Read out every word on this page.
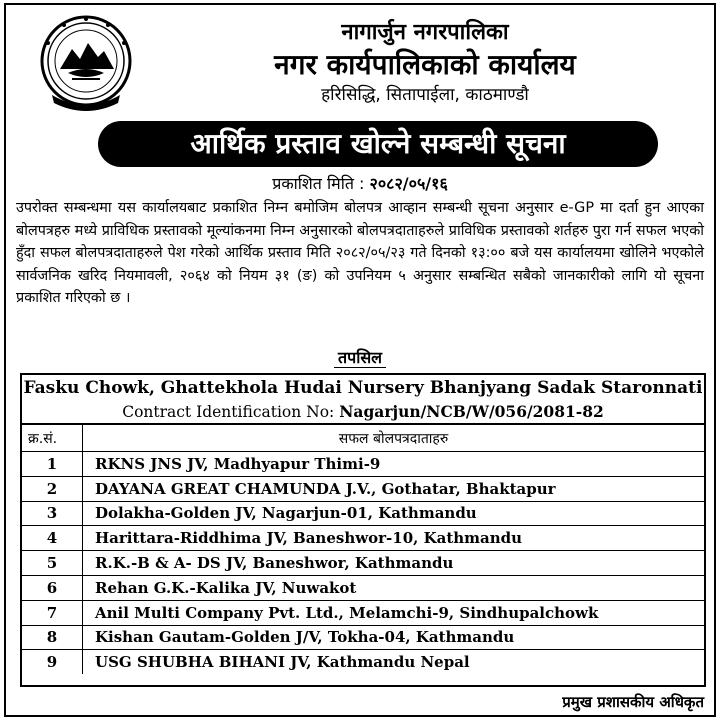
नागार्जुन नगरपालिका
नगर कार्यपालिकाको कार्यालय
हरिसिद्धि, सितापाईला, काठमाण्डौ
आर्थिक प्रस्ताव खोल्ने सम्बन्धी सूचना
प्रकाशित मिति : २०८२/०५/१६
उपरोक्त सम्बन्धमा यस कार्यालयबाट प्रकाशित निम्न बमोजिम बोलपत्र आव्हान सम्बन्धी सूचना अनुसार e-GP मा दर्ता हुन आएका बोलपत्रहरु मध्ये प्राविधिक प्रस्तावको मूल्यांकनमा निम्न अनुसारको बोलपत्रदाताहरुले प्राविधिक प्रस्तावको शर्तहरु पुरा गर्न सफल भएको हुँदा सफल बोलपत्रदाताहरुले पेश गरेको आर्थिक प्रस्ताव मिति २०८२/०५/२३ गते दिनको १३:०० बजे यस कार्यालयमा खोलिने भएकोले सार्वजनिक खरिद नियमावली, २०६४ को नियम ३१ (ङ) को उपनियम ५ अनुसार सम्बन्धित सबैको जानकारीको लागि यो सूचना प्रकाशित गरिएको छ ।
तपसिल
Fasku Chowk, Ghattekhola Hudai Nursery Bhanjyang Sadak Staronnati
Contract Identification No: Nagarjun/NCB/W/056/2081-82
क्र.सं.	सफल बोलपत्रदाताहरु
1	RKNS JNS JV, Madhyapur Thimi-9
2	DAYANA GREAT CHAMUNDA J.V., Gothatar, Bhaktapur
3	Dolakha-Golden JV, Nagarjun-01, Kathmandu
4	Harittara-Riddhima JV, Baneshwor-10, Kathmandu
5	R.K.-B & A- DS JV, Baneshwor, Kathmandu
6	Rehan G.K.-Kalika JV, Nuwakot
7	Anil Multi Company Pvt. Ltd., Melamchi-9, Sindhupalchowk
8	Kishan Gautam-Golden J/V, Tokha-04, Kathmandu
9	USG SHUBHA BIHANI JV, Kathmandu Nepal
प्रमुख प्रशासकीय अधिकृत
